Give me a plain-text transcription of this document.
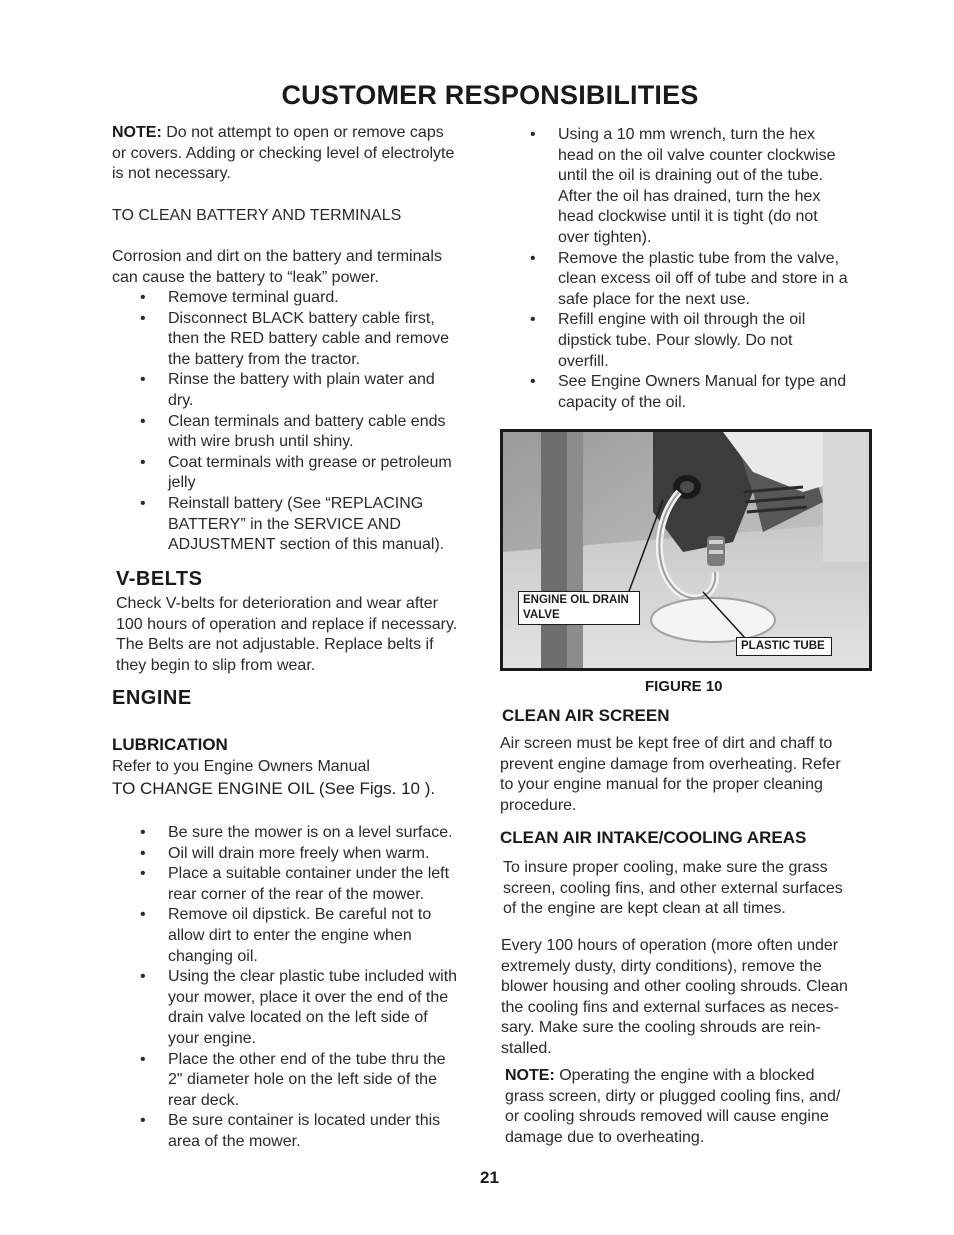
CUSTOMER RESPONSIBILITIES
NOTE: Do not attempt to open or remove caps
or covers. Adding or checking level of electrolyte
is not necessary.
TO CLEAN BATTERY AND TERMINALS
Corrosion and dirt on the battery and terminals
can cause the battery to “leak” power.
• Remove terminal guard.
• Disconnect BLACK battery cable first,
then the RED battery cable and remove
the battery from the tractor.
• Rinse the battery with plain water and
dry.
• Clean terminals and battery cable ends
with wire brush until shiny.
• Coat terminals with grease or petroleum
jelly
• Reinstall battery (See “REPLACING
BATTERY” in the SERVICE AND
ADJUSTMENT section of this manual).
V-BELTS
Check V-belts for deterioration and wear after
100 hours of operation and replace if necessary.
The Belts are not adjustable. Replace belts if
they begin to slip from wear.
ENGINE
LUBRICATION
Refer to you Engine Owners Manual
TO CHANGE ENGINE OIL (See Figs. 10 ).
• Be sure the mower is on a level surface.
• Oil will drain more freely when warm.
• Place a suitable container under the left
rear corner of the rear of the mower.
• Remove oil dipstick. Be careful not to
allow dirt to enter the engine when
changing oil.
• Using the clear plastic tube included with
your mower, place it over the end of the
drain valve located on the left side of
your engine.
• Place the other end of the tube thru the
2" diameter hole on the left side of the
rear deck.
• Be sure container is located under this
area of the mower.
• Using a 10 mm wrench, turn the hex
head on the oil valve counter clockwise
until the oil is draining out of the tube.
After the oil has drained, turn the hex
head clockwise until it is tight (do not
over tighten).
• Remove the plastic tube from the valve,
clean excess oil off of tube and store in a
safe place for the next use.
• Refill engine with oil through the oil
dipstick tube. Pour slowly. Do not
overfill.
• See Engine Owners Manual for type and
capacity of the oil.
ENGINE OIL DRAIN
VALVE
PLASTIC TUBE
FIGURE 10
CLEAN AIR SCREEN
Air screen must be kept free of dirt and chaff to
prevent engine damage from overheating. Refer
to your engine manual for the proper cleaning
procedure.
CLEAN AIR INTAKE/COOLING AREAS
To insure proper cooling, make sure the grass
screen, cooling fins, and other external surfaces
of the engine are kept clean at all times.
Every 100 hours of operation (more often under
extremely dusty, dirty conditions), remove the
blower housing and other cooling shrouds. Clean
the cooling fins and external surfaces as neces-
sary. Make sure the cooling shrouds are rein-
stalled.
NOTE: Operating the engine with a blocked
grass screen, dirty or plugged cooling fins, and/
or cooling shrouds removed will cause engine
damage due to overheating.
21
